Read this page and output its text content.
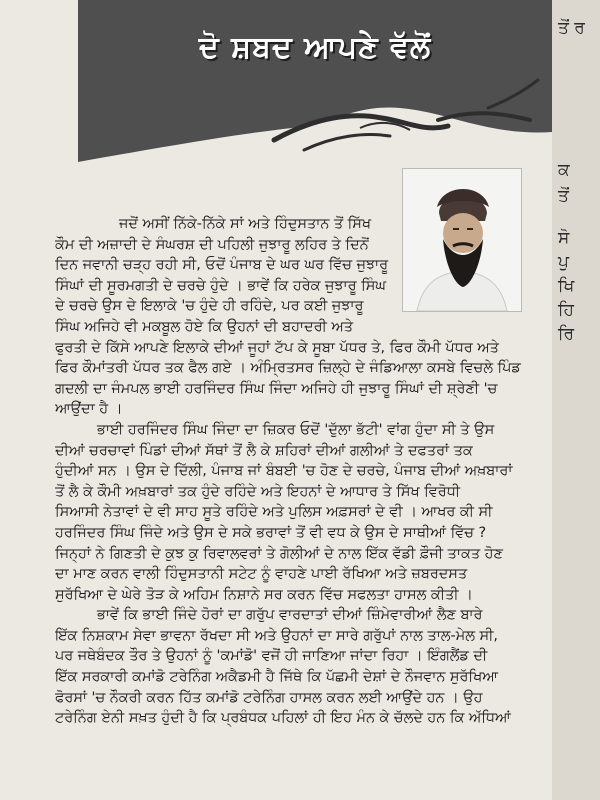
ਦੋ ਸ਼ਬਦ ਆਪਣੇ ਵੱਲੋਂ

ਜਦੋਂ ਅਸੀਂ ਨਿੱਕੇ-ਨਿੱਕੇ ਸਾਂ ਅਤੇ ਹਿੰਦੁਸਤਾਨ ਤੋਂ ਸਿੱਖ
ਕੌਮ ਦੀ ਅਜ਼ਾਦੀ ਦੇ ਸੰਘਰਸ਼ ਦੀ ਪਹਿਲੀ ਜੁਝਾਰੂ ਲਹਿਰ ਤੇ ਦਿਨੋਂ
ਦਿਨ ਜਵਾਨੀ ਚੜ੍ਹ ਰਹੀ ਸੀ, ਓਦੋਂ ਪੰਜਾਬ ਦੇ ਘਰ ਘਰ ਵਿੱਚ ਜੁਝਾਰੂ
ਸਿੰਘਾਂ ਦੀ ਸੂਰਮਗਤੀ ਦੇ ਚਰਚੇ ਹੁੰਦੇ । ਭਾਵੇਂ ਕਿ ਹਰੇਕ ਜੁਝਾਰੂ ਸਿੰਘ
ਦੇ ਚਰਚੇ ਉਸ ਦੇ ਇਲਾਕੇ 'ਚ ਹੁੰਦੇ ਹੀ ਰਹਿੰਦੇ, ਪਰ ਕਈ ਜੁਝਾਰੂ
ਸਿੰਘ ਅਜਿਹੇ ਵੀ ਮਕਬੂਲ ਹੋਏ ਕਿ ਉਹਨਾਂ ਦੀ ਬਹਾਦਰੀ ਅਤੇ
ਫੁਰਤੀ ਦੇ ਕਿੱਸੇ ਆਪਣੇ ਇਲਾਕੇ ਦੀਆਂ ਜੂਹਾਂ ਟੱਪ ਕੇ ਸੂਬਾ ਪੱਧਰ ਤੇ, ਫਿਰ ਕੌਮੀ ਪੱਧਰ ਅਤੇ
ਫਿਰ ਕੌਮਾਂਤਰੀ ਪੱਧਰ ਤਕ ਫੈਲ ਗਏ । ਅੰਮ੍ਰਿਤਸਰ ਜ਼ਿਲ੍ਹੇ ਦੇ ਜੰਡਿਆਲਾ ਕਸਬੇ ਵਿਚਲੇ ਪਿੰਡ
ਗਦਲੀ ਦਾ ਜੰਮਪਲ ਭਾਈ ਹਰਜਿੰਦਰ ਸਿੰਘ ਜਿੰਦਾ ਅਜਿਹੇ ਹੀ ਜੁਝਾਰੂ ਸਿੰਘਾਂ ਦੀ ਸ਼੍ਰੇਣੀ 'ਚ
ਆਉਂਦਾ ਹੈ ।

ਭਾਈ ਹਰਜਿੰਦਰ ਸਿੰਘ ਜਿੰਦਾ ਦਾ ਜ਼ਿਕਰ ਓਦੋਂ 'ਦੁੱਲਾ ਭੱਟੀ' ਵਾਂਗ ਹੁੰਦਾ ਸੀ ਤੇ ਉਸ
ਦੀਆਂ ਚਰਚਾਵਾਂ ਪਿੰਡਾਂ ਦੀਆਂ ਸੱਥਾਂ ਤੋਂ ਲੈ ਕੇ ਸ਼ਹਿਰਾਂ ਦੀਆਂ ਗਲੀਆਂ ਤੇ ਦਫਤਰਾਂ ਤਕ
ਹੁੰਦੀਆਂ ਸਨ । ਉਸ ਦੇ ਦਿੱਲੀ, ਪੰਜਾਬ ਜਾਂ ਬੰਬਈ 'ਚ ਹੋਣ ਦੇ ਚਰਚੇ, ਪੰਜਾਬ ਦੀਆਂ ਅਖ਼ਬਾਰਾਂ
ਤੋਂ ਲੈ ਕੇ ਕੌਮੀ ਅਖ਼ਬਾਰਾਂ ਤਕ ਹੁੰਦੇ ਰਹਿੰਦੇ ਅਤੇ ਇਹਨਾਂ ਦੇ ਆਧਾਰ ਤੇ ਸਿੱਖ ਵਿਰੋਧੀ
ਸਿਆਸੀ ਨੇਤਾਵਾਂ ਦੇ ਵੀ ਸਾਹ ਸੂਤੇ ਰਹਿੰਦੇ ਅਤੇ ਪੁਲਿਸ ਅਫ਼ਸਰਾਂ ਦੇ ਵੀ । ਆਖਰ ਕੀ ਸੀ
ਹਰਜਿੰਦਰ ਸਿੰਘ ਜਿੰਦੇ ਅਤੇ ਉਸ ਦੇ ਸਕੇ ਭਰਾਵਾਂ ਤੋਂ ਵੀ ਵਧ ਕੇ ਉਸ ਦੇ ਸਾਥੀਆਂ ਵਿੱਚ ?
ਜਿਨ੍ਹਾਂ ਨੇ ਗਿਣਤੀ ਦੇ ਕੁਝ ਕੁ ਰਿਵਾਲਵਰਾਂ ਤੇ ਗੋਲੀਆਂ ਦੇ ਨਾਲ ਇੱਕ ਵੱਡੀ ਫ਼ੌਜੀ ਤਾਕਤ ਹੋਣ
ਦਾ ਮਾਣ ਕਰਨ ਵਾਲੀ ਹਿੰਦੁਸਤਾਨੀ ਸਟੇਟ ਨੂੰ ਵਾਹਣੇ ਪਾਈ ਰੱਖਿਆ ਅਤੇ ਜ਼ਬਰਦਸਤ
ਸੁਰੱਖਿਆ ਦੇ ਘੇਰੇ ਤੋੜ ਕੇ ਅਹਿਮ ਨਿਸ਼ਾਨੇ ਸਰ ਕਰਨ ਵਿੱਚ ਸਫਲਤਾ ਹਾਸਲ ਕੀਤੀ ।

ਭਾਵੇਂ ਕਿ ਭਾਈ ਜਿੰਦੇ ਹੋਰਾਂ ਦਾ ਗਰੁੱਪ ਵਾਰਦਾਤਾਂ ਦੀਆਂ ਜ਼ਿੰਮੇਵਾਰੀਆਂ ਲੈਣ ਬਾਰੇ
ਇੱਕ ਨਿਸ਼ਕਾਮ ਸੇਵਾ ਭਾਵਨਾ ਰੱਖਦਾ ਸੀ ਅਤੇ ਉਹਨਾਂ ਦਾ ਸਾਰੇ ਗਰੁੱਪਾਂ ਨਾਲ ਤਾਲ-ਮੇਲ ਸੀ,
ਪਰ ਜਥੇਬੰਦਕ ਤੌਰ ਤੇ ਉਹਨਾਂ ਨੂੰ 'ਕਮਾਂਡੋ' ਵਜੋਂ ਹੀ ਜਾਣਿਆ ਜਾਂਦਾ ਰਿਹਾ । ਇੰਗਲੈਂਡ ਦੀ
ਇੱਕ ਸਰਕਾਰੀ ਕਮਾਂਡੋ ਟਰੇਨਿੰਗ ਅਕੈਡਮੀ ਹੈ ਜਿੱਥੇ ਕਿ ਪੱਛਮੀ ਦੇਸ਼ਾਂ ਦੇ ਨੌਜਵਾਨ ਸੁਰੱਖਿਆ
ਫੋਰਸਾਂ 'ਚ ਨੌਕਰੀ ਕਰਨ ਹਿੱਤ ਕਮਾਂਡੋ ਟਰੇਨਿੰਗ ਹਾਸਲ ਕਰਨ ਲਈ ਆਉਂਦੇ ਹਨ । ਉਹ
ਟਰੇਨਿੰਗ ਏਨੀ ਸਖ਼ਤ ਹੁੰਦੀ ਹੈ ਕਿ ਪ੍ਰਬੰਧਕ ਪਹਿਲਾਂ ਹੀ ਇਹ ਮੰਨ ਕੇ ਚੱਲਦੇ ਹਨ ਕਿ ਅੱਧਿਆਂ

ਤੋਂ ਰ
ਕ
ਤੋਂ
ਸੋ
ਪੁ
ਖਿ
ਹਿ
ਰਿ
